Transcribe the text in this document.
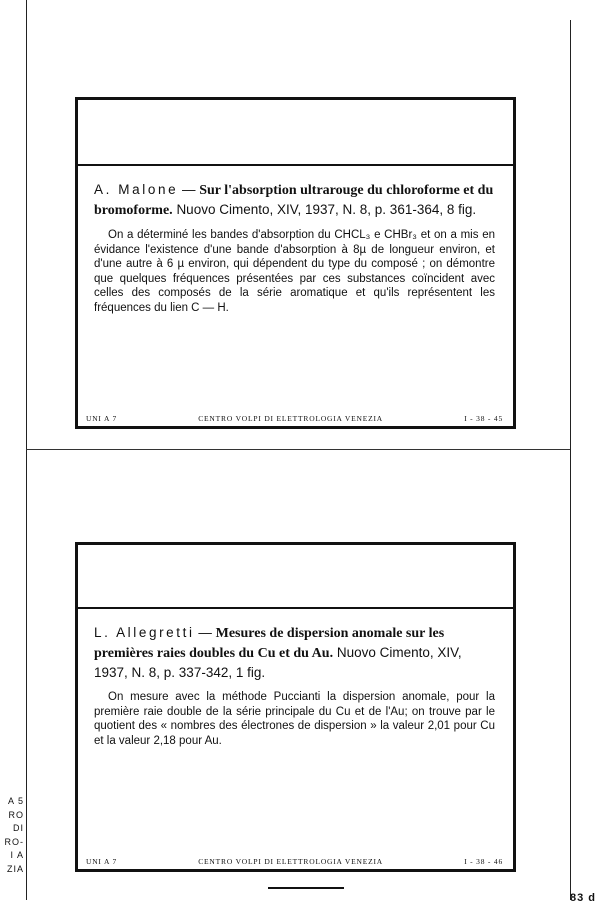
A. Malone — Sur l'absorption ultrarouge du chloroforme et du bromoforme. Nuovo Cimento, XIV, 1937, N. 8, p. 361-364, 8 fig.

On a déterminé les bandes d'absorption du CHCL₃ e CHBr₃ et on a mis en évidance l'existence d'une bande d'absorption à 8µ de longueur environ, et d'une autre à 6 µ environ, qui dépendent du type du composé ; on démontre que quelques fréquences présentées par ces substances coïncident avec celles des composés de la série aromatique et qu'ils représentent les fréquences du lien C — H.

UNI A 7	CENTRO VOLPI DI ELETTROLOGIA VENEZIA	I - 38 - 45

L. Allegretti — Mesures de dispersion anomale sur les premières raies doubles du Cu et du Au. Nuovo Cimento, XIV, 1937, N. 8, p. 337-342, 1 fig.

On mesure avec la méthode Puccianti la dispersion anomale, pour la première raie double de la série principale du Cu et de l'Au; on trouve par le quotient des « nombres des électrones de dispersion » la valeur 2,01 pour Cu et la valeur 2,18 pour Au.

UNI A 7	CENTRO VOLPI DI ELETTROLOGIA VENEZIA	I - 38 - 46
A 5
RO
DI
RO-
I A
ZIA
83 d
